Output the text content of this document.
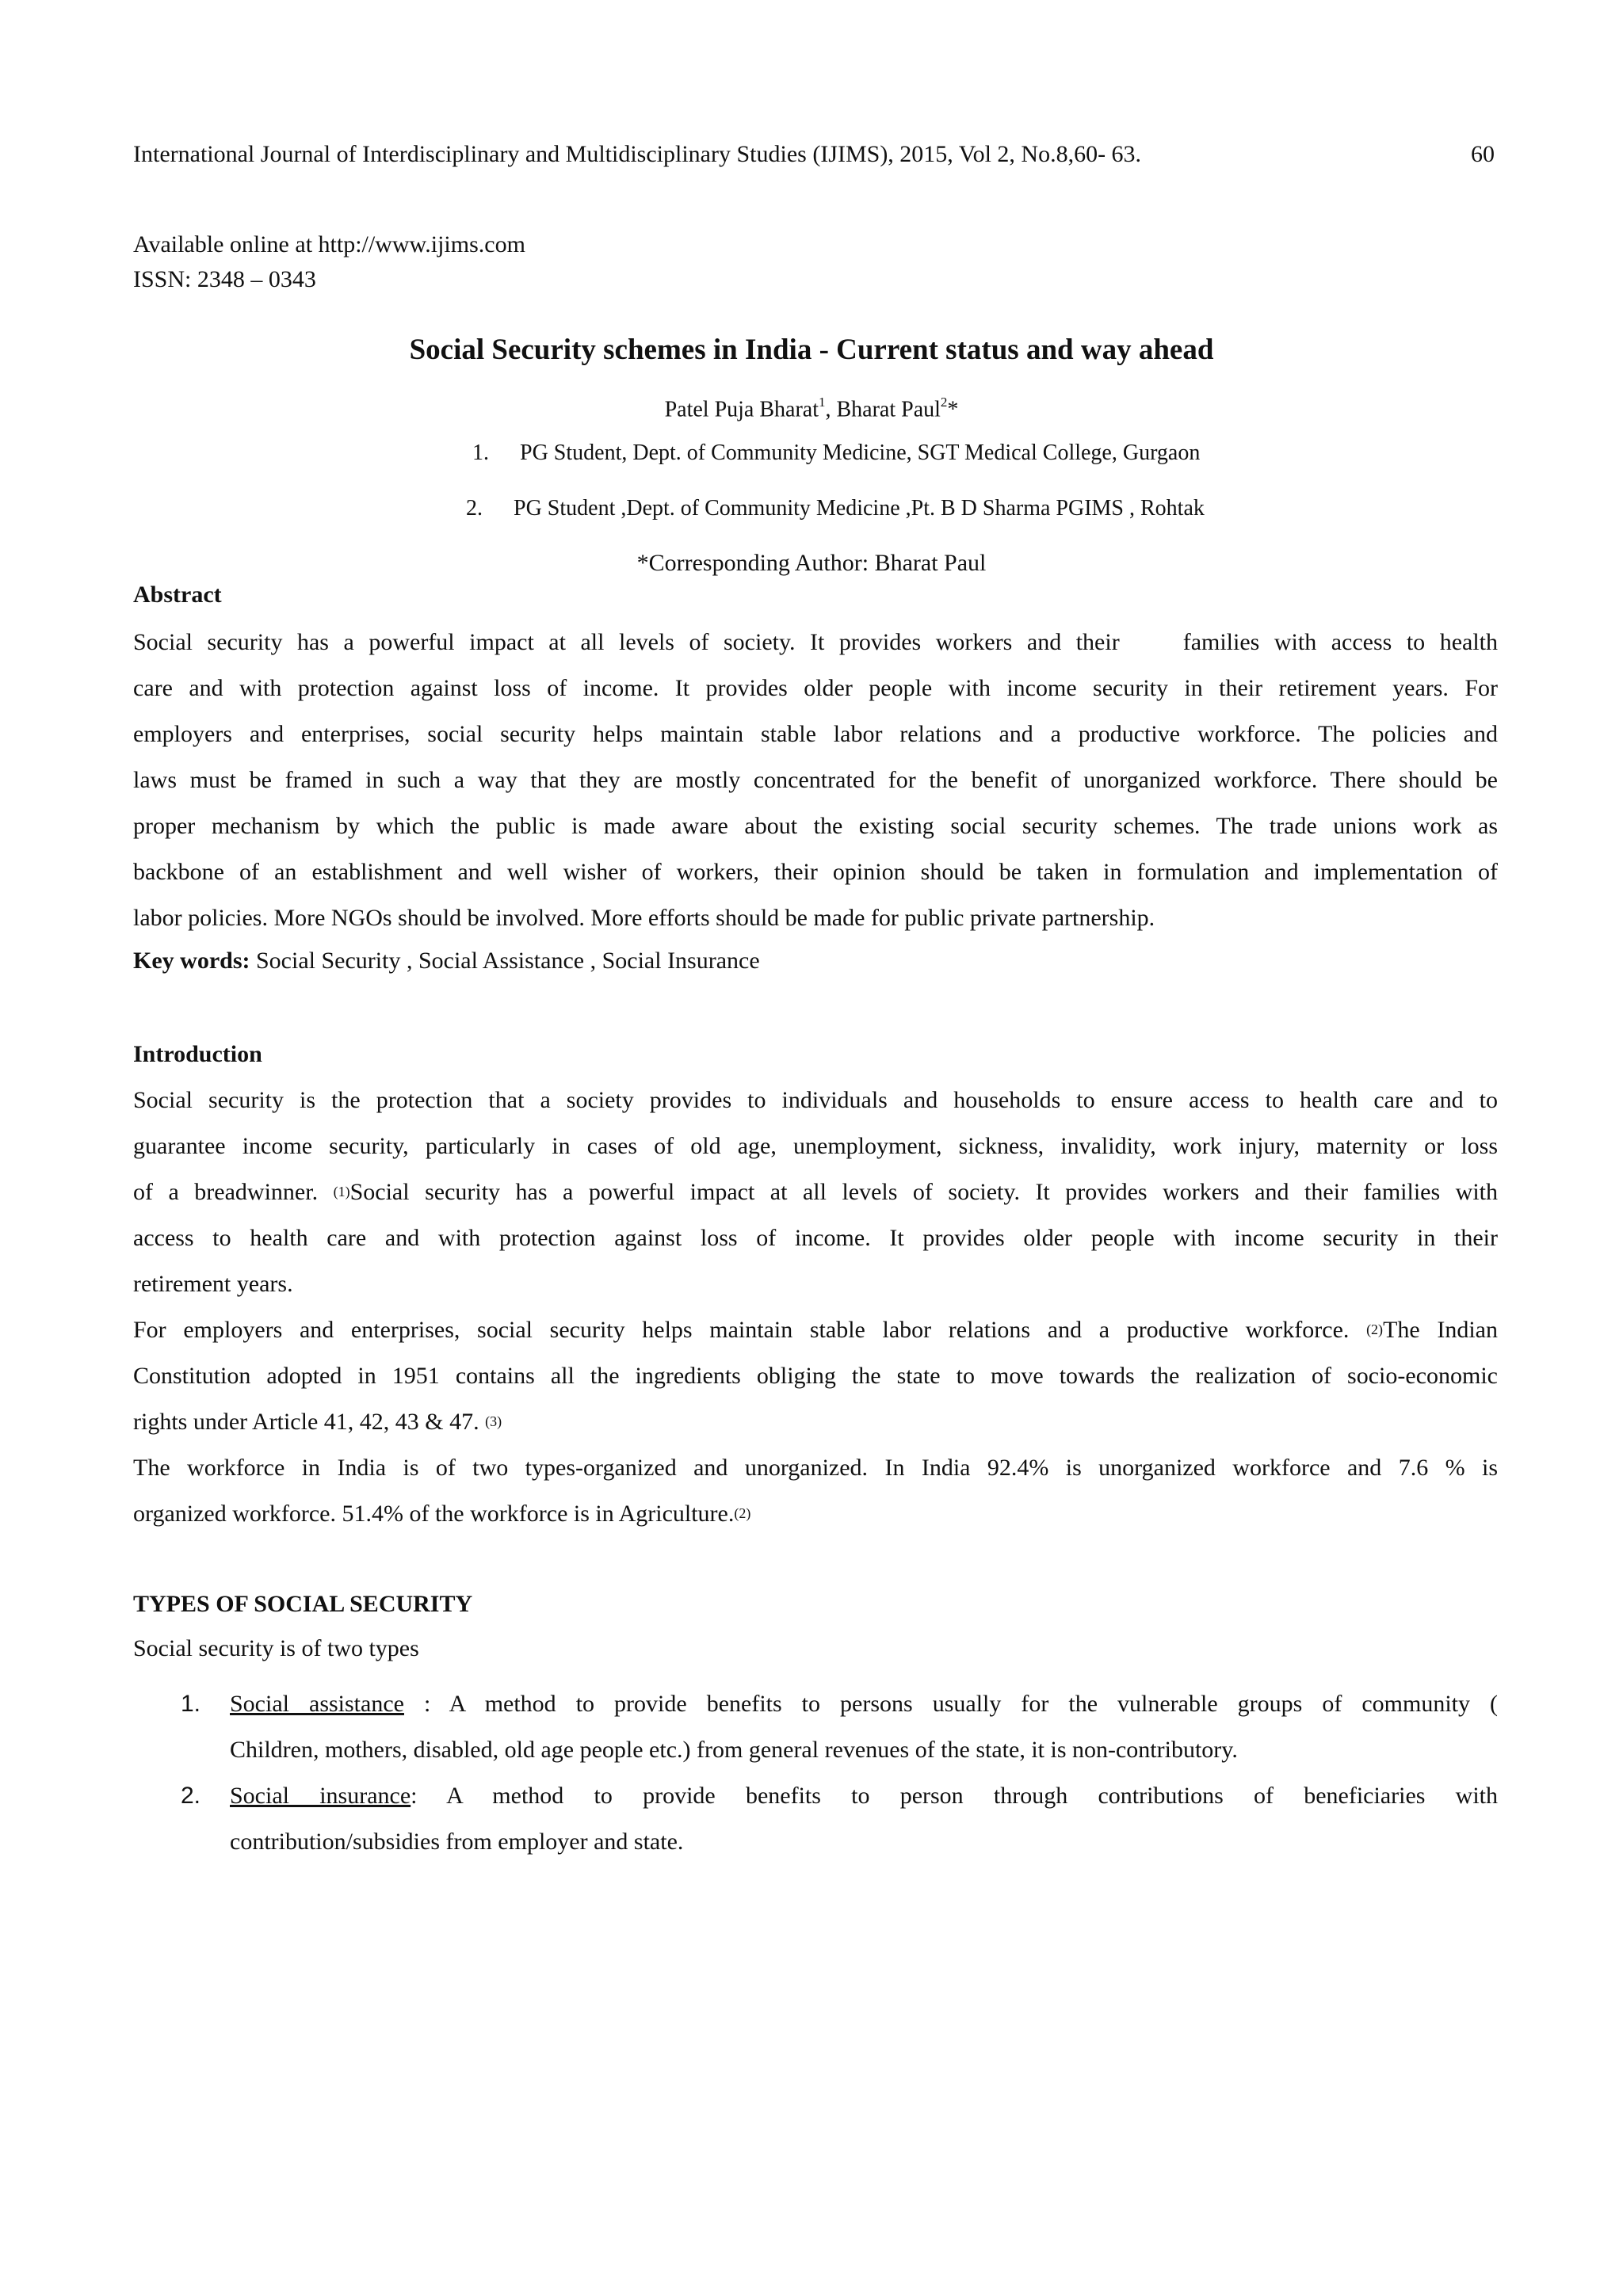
International Journal of Interdisciplinary and Multidisciplinary Studies (IJIMS), 2015, Vol 2, No.8,60- 63.	60
Available online at http://www.ijims.com
ISSN: 2348 – 0343
Social Security schemes in India - Current status and way ahead
Patel Puja Bharat$^1$, Bharat Paul$^2$*
1. PG Student, Dept. of Community Medicine, SGT Medical College, Gurgaon
2. PG Student ,Dept. of Community Medicine ,Pt. B D Sharma PGIMS , Rohtak
*Corresponding Author: Bharat Paul
Abstract
Social security has a powerful impact at all levels of society. It provides workers and their	families with access to health
care and with protection against loss of income. It provides older people with income security in their retirement years. For
employers and enterprises, social security helps maintain stable labor relations and a productive workforce. The policies and
laws must be framed in such a way that they are mostly concentrated for the benefit of unorganized workforce. There should be
proper mechanism by which the public is made aware about the existing social security schemes. The trade unions work as
backbone of an establishment and well wisher of workers, their opinion should be taken in formulation and implementation of
labor policies. More NGOs should be involved. More efforts should be made for public private partnership.
Key words: Social Security , Social Assistance , Social Insurance
Introduction
Social security is the protection that a society provides to individuals and households to ensure access to health care and to
guarantee income security, particularly in cases of old age, unemployment, sickness, invalidity, work injury, maternity or loss
of a breadwinner. $^{(1)}$Social security has a powerful impact at all levels of society. It provides workers and their families with
access to health care and with protection against loss of income. It provides older people with income security in their
retirement years.
For employers and enterprises, social security helps maintain stable labor relations and a productive workforce. $^{(2)}$The Indian
Constitution adopted in 1951 contains all the ingredients obliging the state to move towards the realization of socio-economic
rights under Article 41, 42, 43 & 47. $^{(3)}$
The workforce in India is of two types-organized and unorganized. In India 92.4% is unorganized workforce and 7.6 % is
organized workforce. 51.4% of the workforce is in Agriculture.$^{(2)}$
TYPES OF SOCIAL SECURITY
Social security is of two types
1. Social assistance : A method to provide benefits to persons usually for the vulnerable groups of community (
Children, mothers, disabled, old age people etc.) from general revenues of the state, it is non-contributory.
2. Social insurance: A method to provide benefits to person through contributions of beneficiaries with
contribution/subsidies from employer and state.
